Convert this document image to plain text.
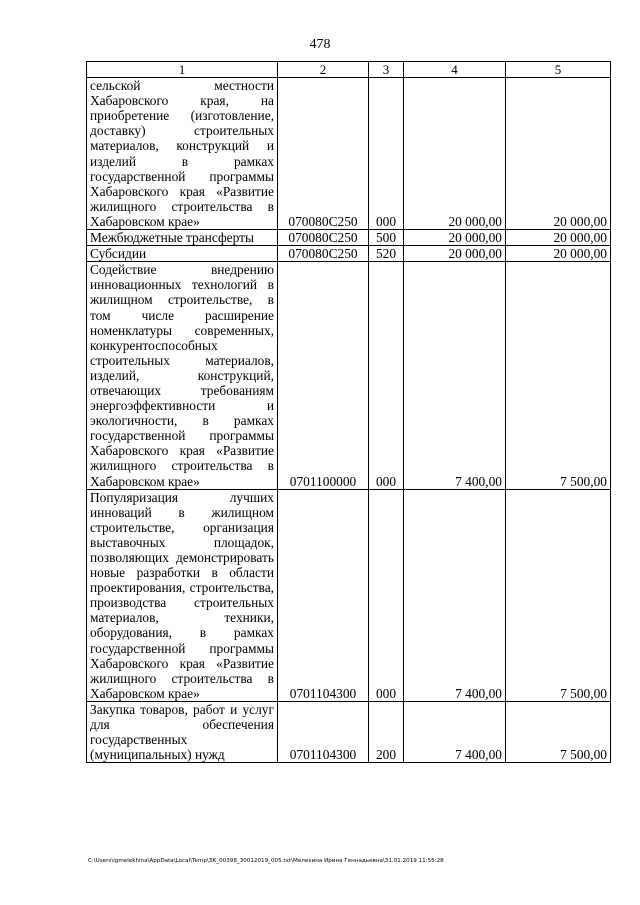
478
1	2	3	4	5
сельской местности Хабаровского края, на приобретение (изготовление, доставку) строительных материалов, конструкций и изделий в рамках государственной программы Хабаровского края «Развитие жилищного строительства в Хабаровском крае»	070080С250	000	20 000,00	20 000,00
Межбюджетные трансферты	070080С250	500	20 000,00	20 000,00
Субсидии	070080С250	520	20 000,00	20 000,00
Содействие внедрению инновационных технологий в жилищном строительстве, в том числе расширение номенклатуры современных, конкурентоспособных строительных материалов, изделий, конструкций, отвечающих требованиям энергоэффективности и экологичности, в рамках государственной программы Хабаровского края «Развитие жилищного строительства в Хабаровском крае»	0701100000	000	7 400,00	7 500,00
Популяризация лучших инноваций в жилищном строительстве, организация выставочных площадок, позволяющих демонстрировать новые разработки в области проектирования, строительства, производства строительных материалов, техники, оборудования, в рамках государственной программы Хабаровского края «Развитие жилищного строительства в Хабаровском крае»	0701104300	000	7 400,00	7 500,00
Закупка товаров, работ и услуг для обеспечения государственных (муниципальных) нужд	0701104300	200	7 400,00	7 500,00
C:\Users\igmelekhina\AppData\Local\Temp\ЗК_00398_30012019_005.txt\Мелехина Ирина Геннадьевна\31.01.2019 11:55:28
